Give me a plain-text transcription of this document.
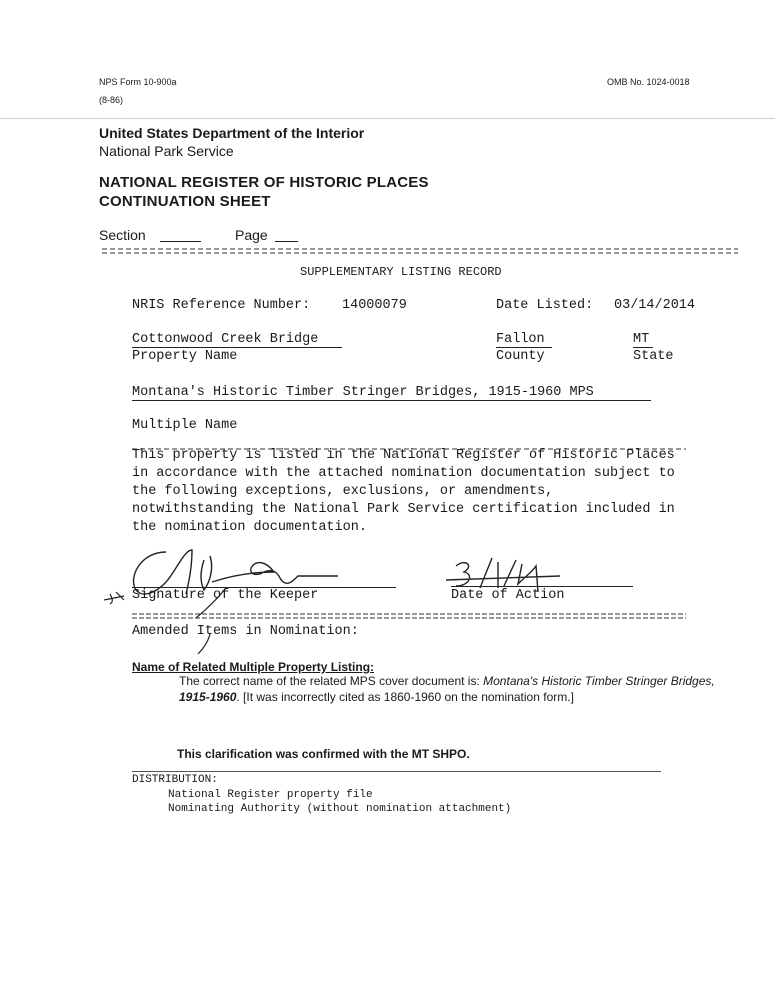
NPS Form 10-900a
(8-86)
OMB No. 1024-0018
United States Department of the Interior
National Park Service
NATIONAL REGISTER OF HISTORIC PLACES
CONTINUATION SHEET
Section	Page
SUPPLEMENTARY LISTING RECORD
NRIS Reference Number: 14000079	Date Listed: 03/14/2014
Cottonwood Creek Bridge
Property Name
Fallon
County
MT
State
Montana's Historic Timber Stringer Bridges, 1915-1960 MPS
Multiple Name
This property is listed in the National Register of Historic Places
in accordance with the attached nomination documentation subject to
the following exceptions, exclusions, or amendments,
notwithstanding the National Park Service certification included in
the nomination documentation.
Signature of the Keeper	Date of Action
Amended Items in Nomination:
Name of Related Multiple Property Listing:
The correct name of the related MPS cover document is: Montana's Historic Timber Stringer Bridges,
1915-1960. [It was incorrectly cited as 1860-1960 on the nomination form.]
This clarification was confirmed with the MT SHPO.
DISTRIBUTION:
National Register property file
Nominating Authority (without nomination attachment)
